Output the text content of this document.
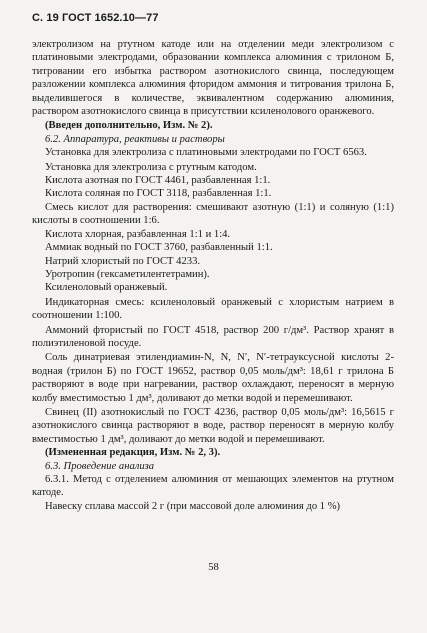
С. 19 ГОСТ 1652.10—77

электролизом на ртутном катоде или на отделении меди электролизом с платиновыми электродами, образовании комплекса алюминия с трилоном Б, титровании его избытка раствором азотнокислого свинца, последующем разложении комплекса алюминия фторидом аммония и титрования трилона Б, выделившегося в количестве, эквивалентном содержанию алюминия, раствором азотнокислого свинца в присутствии ксиленолового оранжевого.

(Введен дополнительно, Изм. № 2).

6.2. Аппаратура, реактивы и растворы

Установка для электролиза с платиновыми электродами по ГОСТ 6563.

Установка для электролиза с ртутным катодом.

Кислота азотная по ГОСТ 4461, разбавленная 1:1.

Кислота соляная по ГОСТ 3118, разбавленная 1:1.

Смесь кислот для растворения: смешивают азотную (1:1) и соляную (1:1) кислоты в соотношении 1:6.

Кислота хлорная, разбавленная 1:1 и 1:4.

Аммиак водный по ГОСТ 3760, разбавленный 1:1.

Натрий хлористый по ГОСТ 4233.

Уротропин (гексаметилентетрамин).

Ксиленоловый оранжевый.

Индикаторная смесь: ксиленоловый оранжевый с хлористым натрием в соотношении 1:100.

Аммоний фтористый по ГОСТ 4518, раствор 200 г/дм³. Раствор хранят в полиэтиленовой посуде.

Соль динатриевая этилендиамин-N, N, N′, N′-тетрауксусной кислоты 2-водная (трилон Б) по ГОСТ 19652, раствор 0,05 моль/дм³: 18,61 г трилона Б растворяют в воде при нагревании, раствор охлаждают, переносят в мерную колбу вместимостью 1 дм³, доливают до метки водой и перемешивают.

Свинец (II) азотнокислый по ГОСТ 4236, раствор 0,05 моль/дм³: 16,5615 г азотнокислого свинца растворяют в воде, раствор переносят в мерную колбу вместимостью 1 дм³, доливают до метки водой и перемешивают.

(Измененная редакция, Изм. № 2, 3).

6.3. Проведение анализа

6.3.1. Метод с отделением алюминия от мешающих элементов на ртутном катоде.

Навеску сплава массой 2 г (при массовой доле алюминия до 1 %)

58
